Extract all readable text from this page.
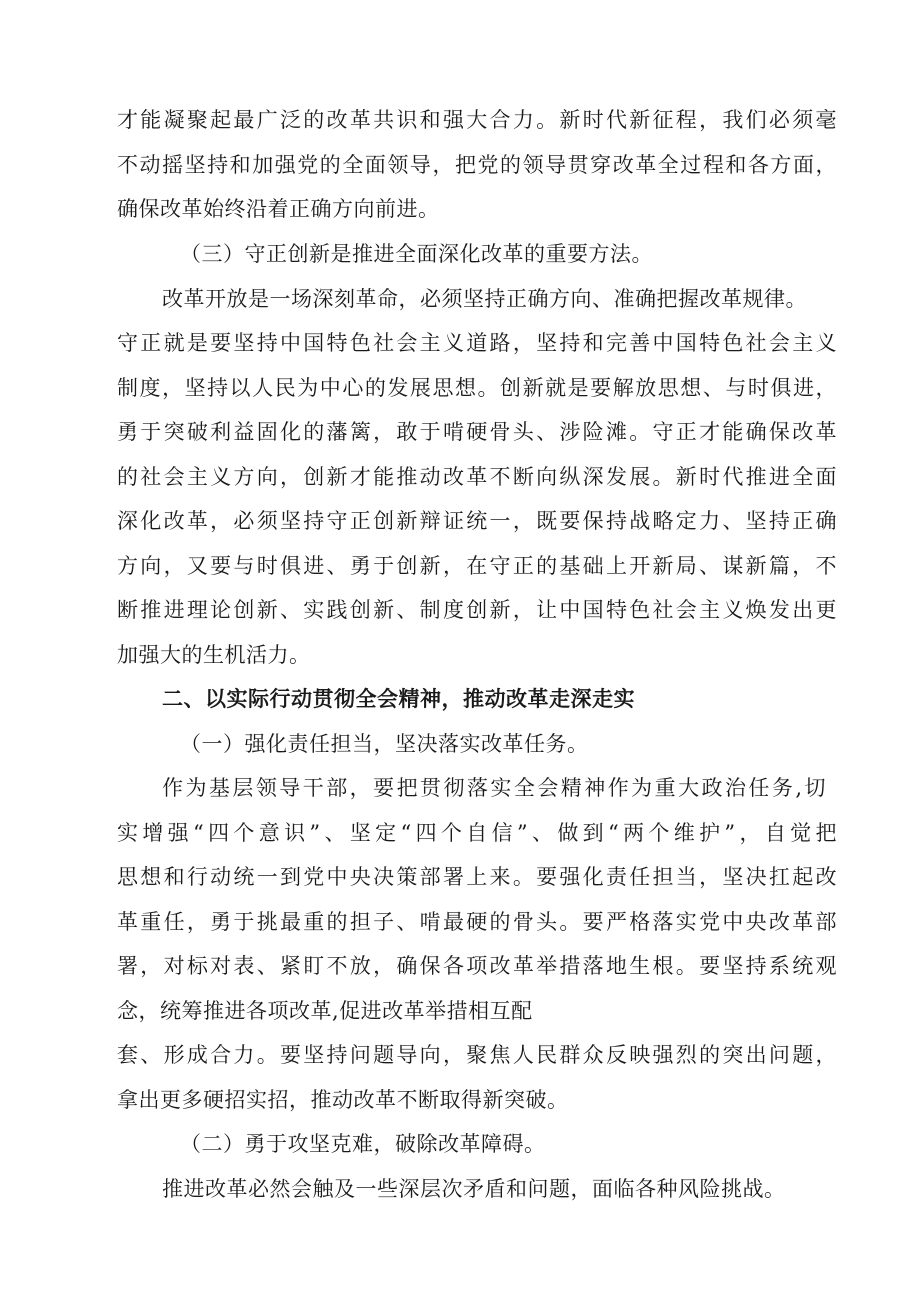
才能凝聚起最广泛的改革共识和强大合力。新时代新征程，我们必须毫
不动摇坚持和加强党的全面领导，把党的领导贯穿改革全过程和各方面，
确保改革始终沿着正确方向前进。
（三）守正创新是推进全面深化改革的重要方法。
改革开放是一场深刻革命，必须坚持正确方向、准确把握改革规律。
守正就是要坚持中国特色社会主义道路，坚持和完善中国特色社会主义
制度，坚持以人民为中心的发展思想。创新就是要解放思想、与时俱进，
勇于突破利益固化的藩篱，敢于啃硬骨头、涉险滩。守正才能确保改革
的社会主义方向，创新才能推动改革不断向纵深发展。新时代推进全面
深化改革，必须坚持守正创新辩证统一，既要保持战略定力、坚持正确
方向，又要与时俱进、勇于创新，在守正的基础上开新局、谋新篇，不
断推进理论创新、实践创新、制度创新，让中国特色社会主义焕发出更
加强大的生机活力。
二、以实际行动贯彻全会精神，推动改革走深走实
（一）强化责任担当，坚决落实改革任务。
作为基层领导干部，要把贯彻落实全会精神作为重大政治任务,切
实增强“四个意识”、坚定“四个自信”、做到“两个维护”，自觉把
思想和行动统一到党中央决策部署上来。要强化责任担当，坚决扛起改
革重任，勇于挑最重的担子、啃最硬的骨头。要严格落实党中央改革部
署，对标对表、紧盯不放，确保各项改革举措落地生根。要坚持系统观
念，统筹推进各项改革,促进改革举措相互配
套、形成合力。要坚持问题导向，聚焦人民群众反映强烈的突出问题，
拿出更多硬招实招，推动改革不断取得新突破。
（二）勇于攻坚克难，破除改革障碍。
推进改革必然会触及一些深层次矛盾和问题，面临各种风险挑战。
